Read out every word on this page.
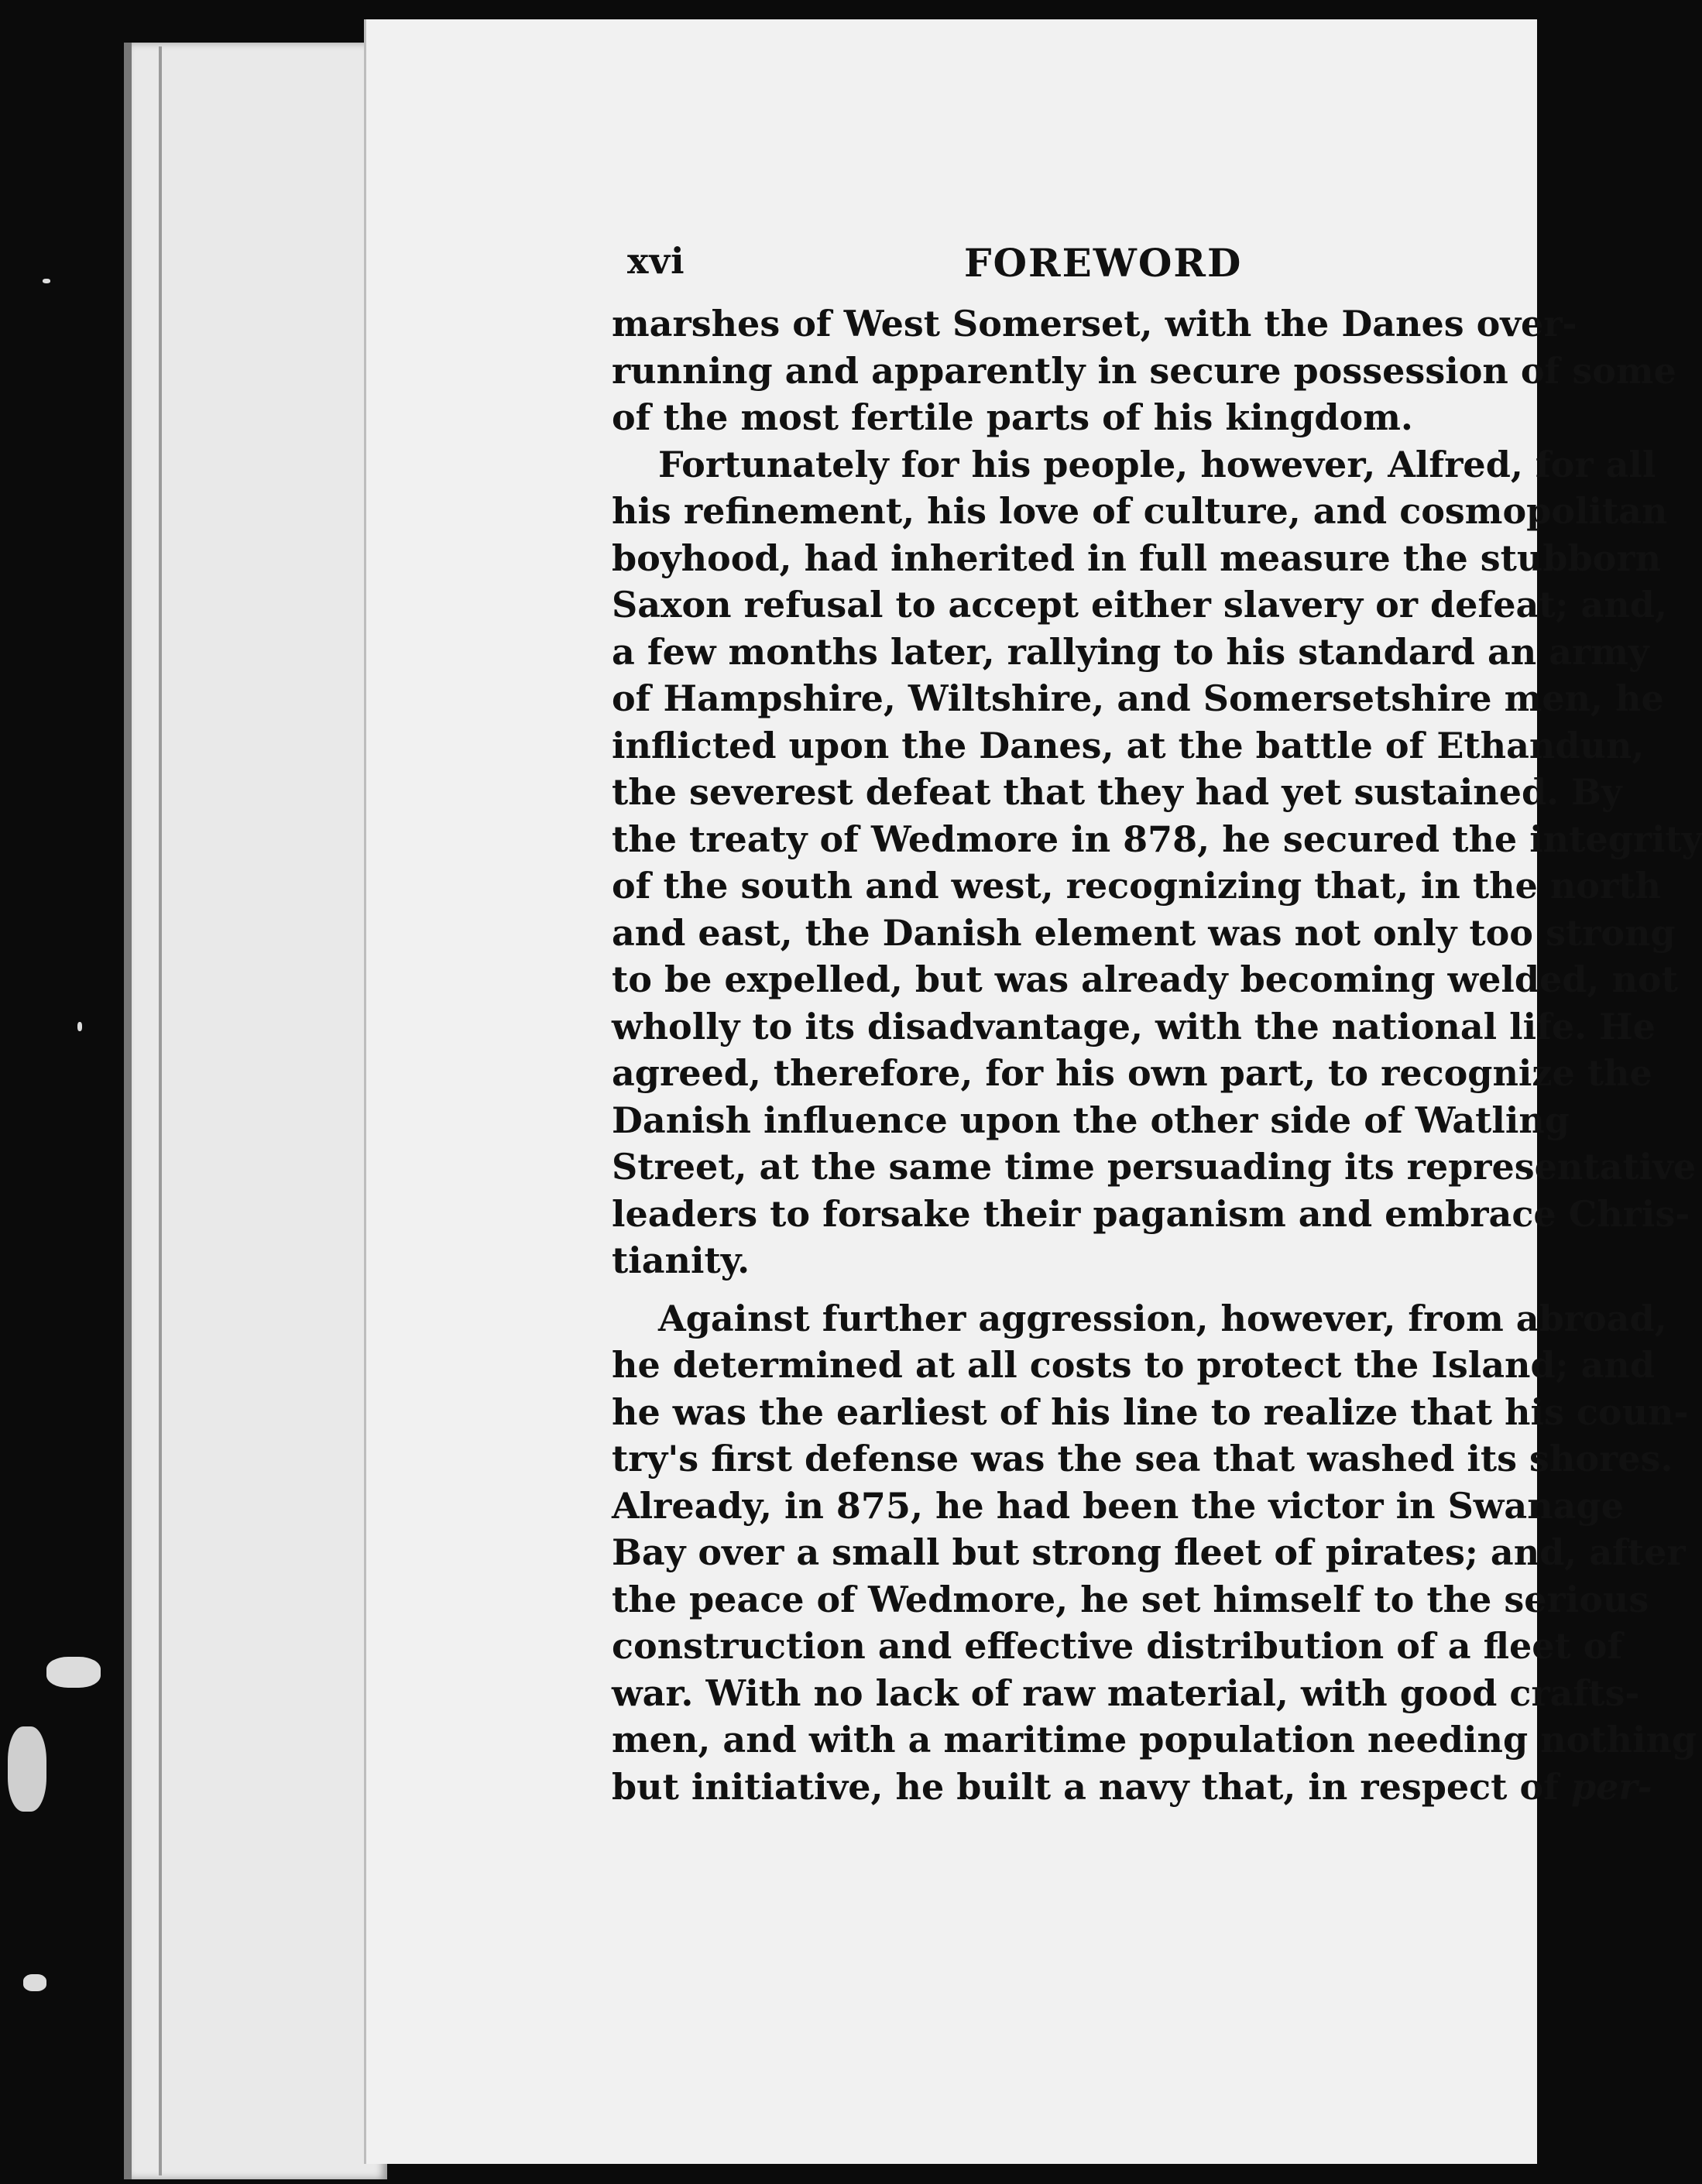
xvi	FOREWORD
marshes of West Somerset, with the Danes over-
running and apparently in secure possession of some
of the most fertile parts of his kingdom.
Fortunately for his people, however, Alfred, for all
his refinement, his love of culture, and cosmopolitan
boyhood, had inherited in full measure the stubborn
Saxon refusal to accept either slavery or defeat; and,
a few months later, rallying to his standard an army
of Hampshire, Wiltshire, and Somersetshire men, he
inflicted upon the Danes, at the battle of Ethandun,
the severest defeat that they had yet sustained. By
the treaty of Wedmore in 878, he secured the integrity
of the south and west, recognizing that, in the north
and east, the Danish element was not only too strong
to be expelled, but was already becoming welded, not
wholly to its disadvantage, with the national life. He
agreed, therefore, for his own part, to recognize the
Danish influence upon the other side of Watling
Street, at the same time persuading its representative
leaders to forsake their paganism and embrace Chris-
tianity.
Against further aggression, however, from abroad,
he determined at all costs to protect the Island; and
he was the earliest of his line to realize that his coun-
try's first defense was the sea that washed its shores.
Already, in 875, he had been the victor in Swanage
Bay over a small but strong fleet of pirates; and, after
the peace of Wedmore, he set himself to the serious
construction and effective distribution of a fleet of
war. With no lack of raw material, with good crafts-
men, and with a maritime population needing nothing
but initiative, he built a navy that, in respect of per-
